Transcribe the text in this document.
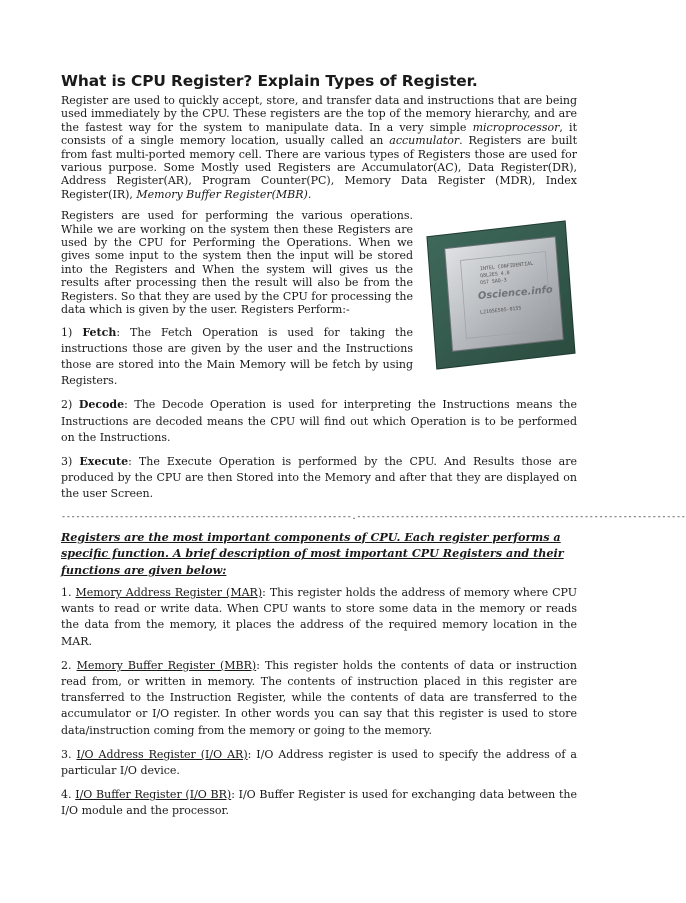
What is CPU Register? Explain Types of Register.

Register are used to quickly accept, store, and transfer data and instructions that are being used immediately by the CPU. These registers are the top of the memory hierarchy, and are the fastest way for the system to manipulate data. In a very simple microprocessor, it consists of a single memory location, usually called an accumulator. Registers are built from fast multi-ported memory cell. There are various types of Registers those are used for various purpose. Some Mostly used Registers are Accumulator(AC), Data Register(DR), Address Register(AR), Program Counter(PC), Memory Data Register (MDR), Index Register(IR), Memory Buffer Register(MBR).

INTEL CONFIDENTIAL
Q8L2ES 4.0
OS7 SAQ-3
L2105E505-0155
Oscience.info

Registers are used for performing the various operations. While we are working on the system then these Registers are used by the CPU for Performing the Operations. When we gives some input to the system then the input will be stored into the Registers and When the system will gives us the results after processing then the result will also be from the Registers. So that they are used by the CPU for processing the data which is given by the user. Registers Perform:-

1) Fetch: The Fetch Operation is used for taking the instructions those are given by the user and the Instructions those are stored into the Main Memory will be fetch by using Registers.

2) Decode: The Decode Operation is used for interpreting the Instructions means the Instructions are decoded means the CPU will find out which Operation is to be performed on the Instructions.

3) Execute: The Execute Operation is performed by the CPU. And Results those are produced by the CPU are then Stored into the Memory and after that they are displayed on the user Screen.

------------------------------------------------------------.--------------------------------------------------------------------

Registers are the most important components of CPU. Each register performs a specific function. A brief description of most important CPU Registers and their functions are given below:

1. Memory Address Register (MAR): This register holds the address of memory where CPU wants to read or write data. When CPU wants to store some data in the memory or reads the data from the memory, it places the address of the required memory location in the MAR.

2. Memory Buffer Register (MBR): This register holds the contents of data or instruction read from, or written in memory. The contents of instruction placed in this register are transferred to the Instruction Register, while the contents of data are transferred to the accumulator or I/O register. In other words you can say that this register is used to store data/instruction coming from the memory or going to the memory.

3. I/O Address Register (I/O AR): I/O Address register is used to specify the address of a particular I/O device.

4. I/O Buffer Register (I/O BR): I/O Buffer Register is used for exchanging data between the I/O module and the processor.
